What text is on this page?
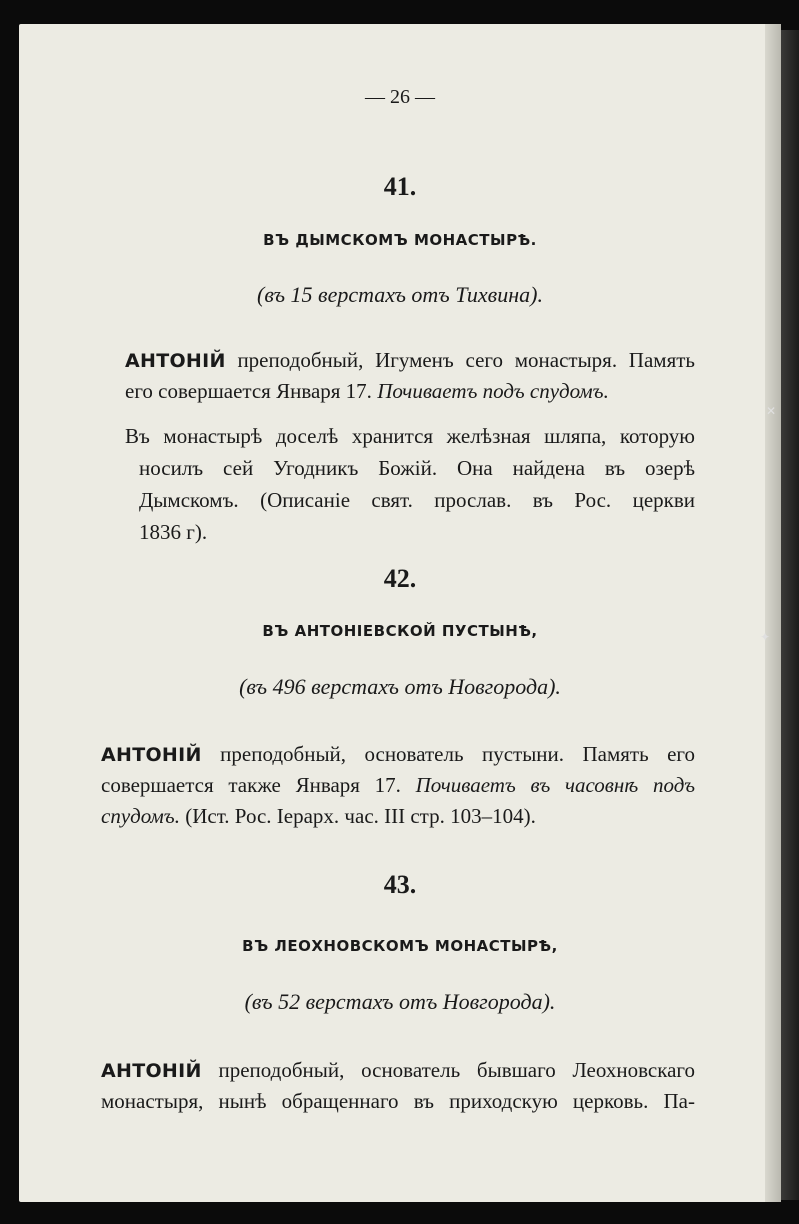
— 26 —
41.
ВЪ ДЫМСКОМЪ МОНАСТЫРѢ.
(въ 15 верстахъ отъ Тихвина).
АНТОНІЙ преподобный, Игуменъ сего монастыря. Память
его совершается Января 17. Почиваетъ подъ спудомъ.
Въ монастырѣ доселѣ хранится желѣзная шляпа, которую
носилъ сей Угодникъ Божій. Она найдена въ озерѣ
Дымскомъ. (Описаніе свят. прослав. въ Рос. церкви
1836 г).
42.
ВЪ АНТОНІЕВСКОЙ ПУСТЫНѢ,
(въ 496 верстахъ отъ Новгорода).
АНТОНІЙ преподобный, основатель пустыни. Память его
совершается также Января 17. Почиваетъ въ часовнѣ подъ
спудомъ. (Ист. Рос. Іерарх. час. III стр. 103–104).
43.
ВЪ ЛЕОХНОВСКОМЪ МОНАСТЫРѢ,
(въ 52 верстахъ отъ Новгорода).
АНТОНІЙ преподобный, основатель бывшаго Леохновскаго
монастыря, нынѣ обращеннаго въ приходскую церковь. Па-
✕
✦
